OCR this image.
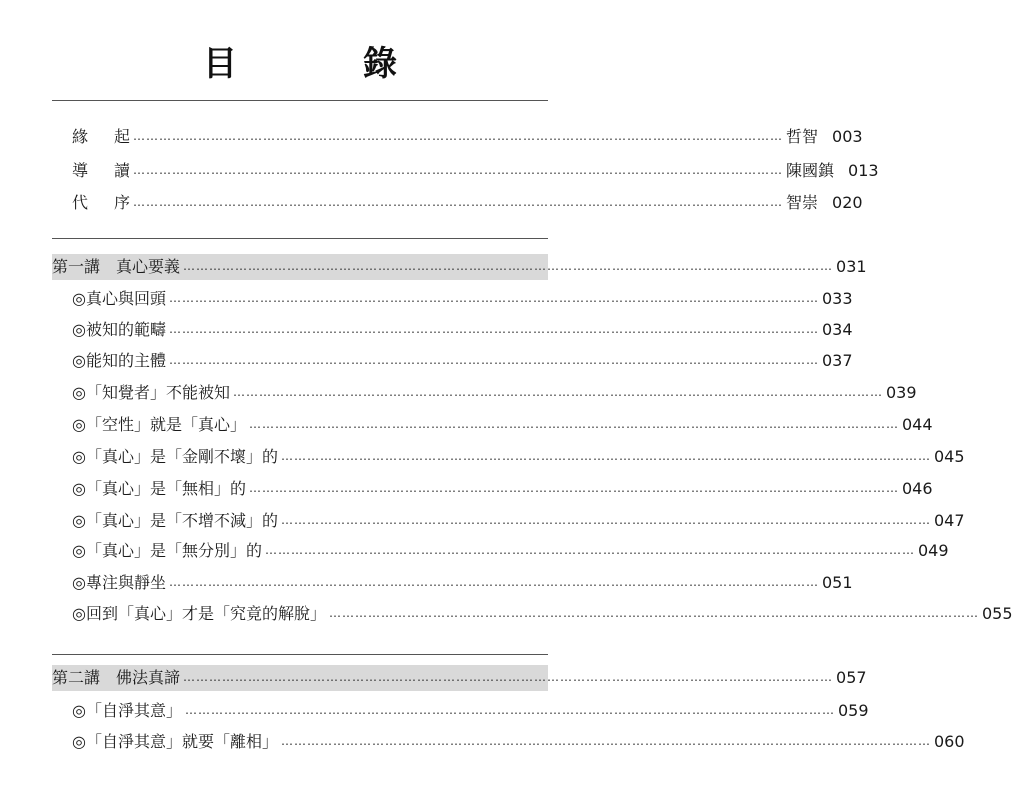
目　錄
緣起
…………………………………………………………………………………………………………………………………… 哲智 003
導讀
…………………………………………………………………………………………………………………………………… 陳國鎮 013
代序
…………………………………………………………………………………………………………………………………… 智崇 020
第一講　真心要義 …………………………………………………………………………………………………………………………………… 031
◎真心與回頭 …………………………………………………………………………………………………………………………………… 033
◎被知的範疇 …………………………………………………………………………………………………………………………………… 034
◎能知的主體 …………………………………………………………………………………………………………………………………… 037
◎「知覺者」不能被知 …………………………………………………………………………………………………………………………………… 039
◎「空性」就是「真心」 …………………………………………………………………………………………………………………………………… 044
◎「真心」是「金剛不壞」的 …………………………………………………………………………………………………………………………………… 045
◎「真心」是「無相」的 …………………………………………………………………………………………………………………………………… 046
◎「真心」是「不增不減」的 …………………………………………………………………………………………………………………………………… 047
◎「真心」是「無分別」的 …………………………………………………………………………………………………………………………………… 049
◎專注與靜坐 …………………………………………………………………………………………………………………………………… 051
◎回到「真心」才是「究竟的解脫」 …………………………………………………………………………………………………………………………………… 055
第二講　佛法真諦 …………………………………………………………………………………………………………………………………… 057
◎「自淨其意」 …………………………………………………………………………………………………………………………………… 059
◎「自淨其意」就要「離相」 …………………………………………………………………………………………………………………………………… 060
